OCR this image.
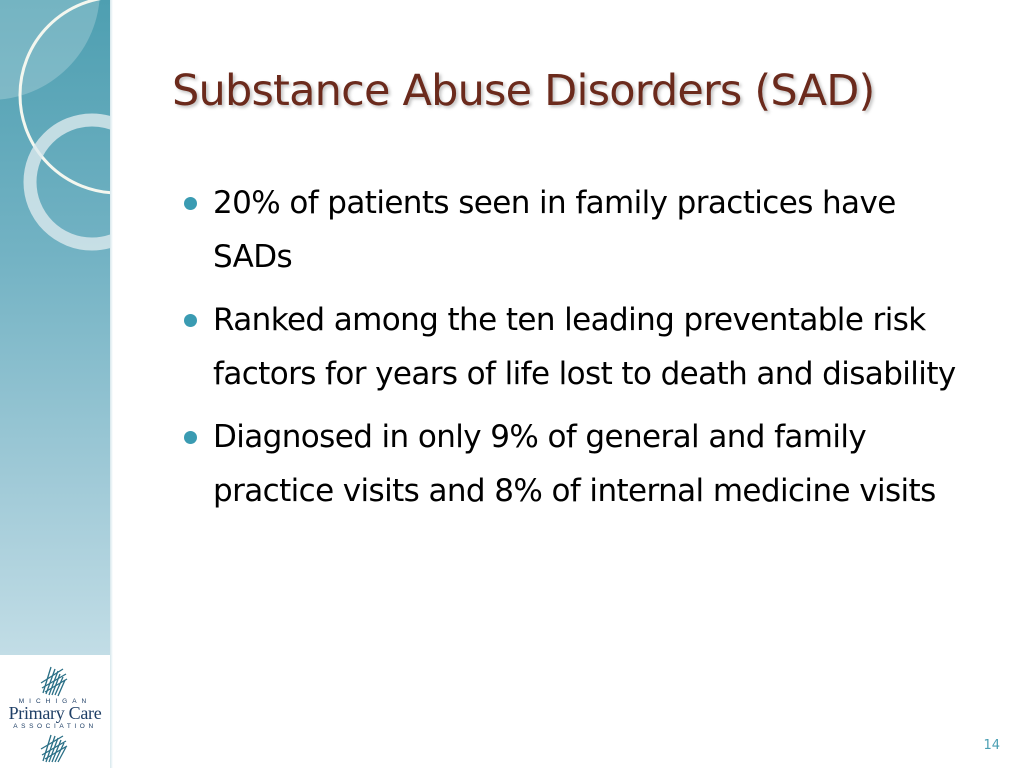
MICHIGAN
Primary Care
ASSOCIATION
Substance Abuse Disorders (SAD)
20% of patients seen in family practices have SADs
Ranked among the ten leading preventable risk factors for years of life lost to death and disability
Diagnosed in only 9% of general and family practice visits and 8% of internal medicine visits
14
